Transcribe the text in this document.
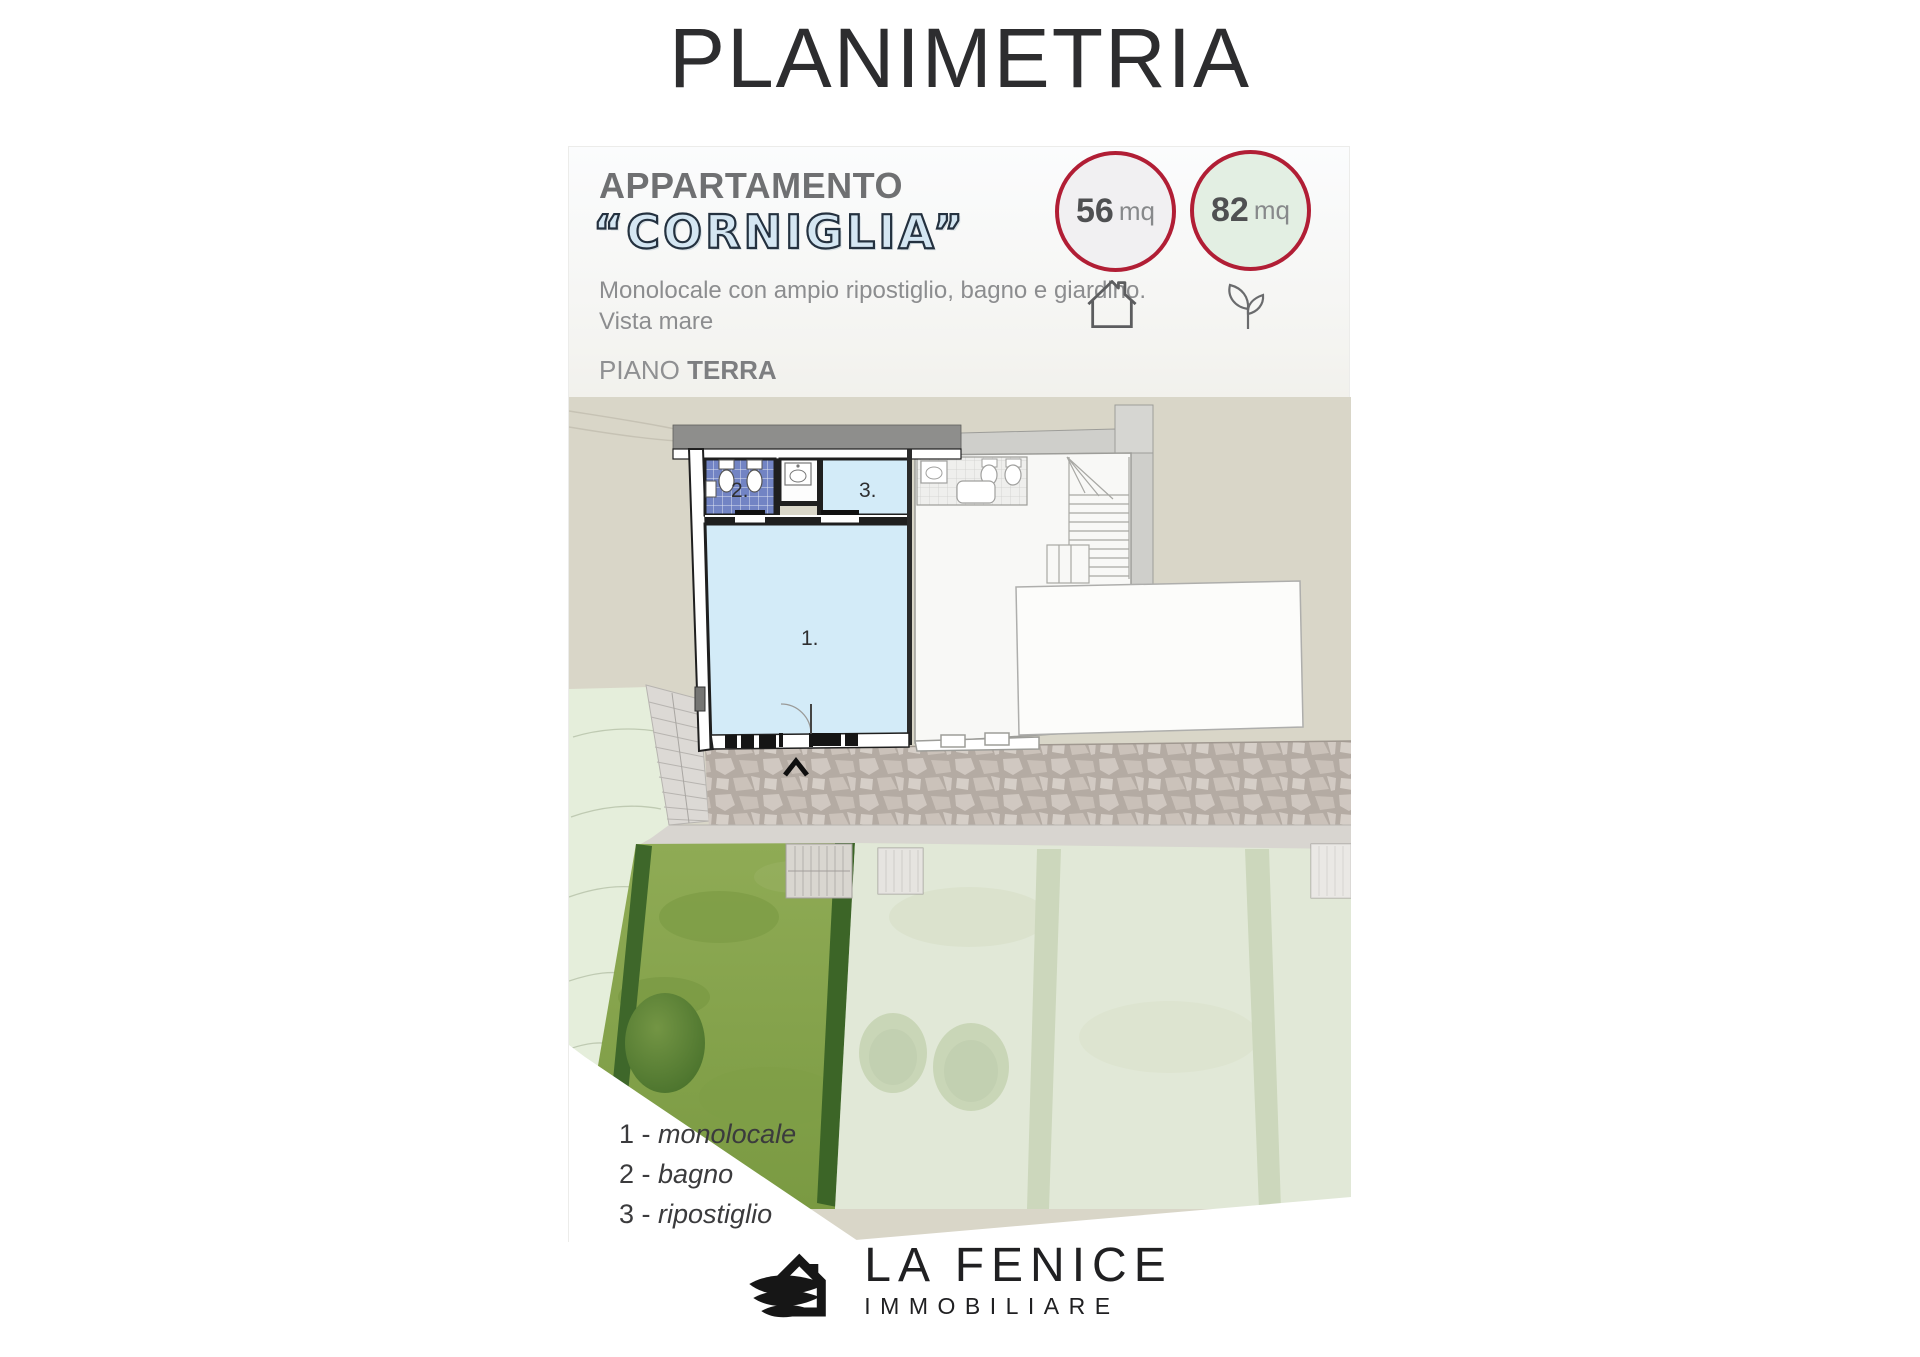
PLANIMETRIA
APPARTAMENTO
“CORNIGLIA”
Monolocale con ampio ripostiglio, bagno e giardino.
Vista mare
PIANO TERRA
56 mq 82 mq
1.
2.	3.
1 - monolocale
2 - bagno
3 - ripostiglio
LA FENICE
IMMOBILIARE
